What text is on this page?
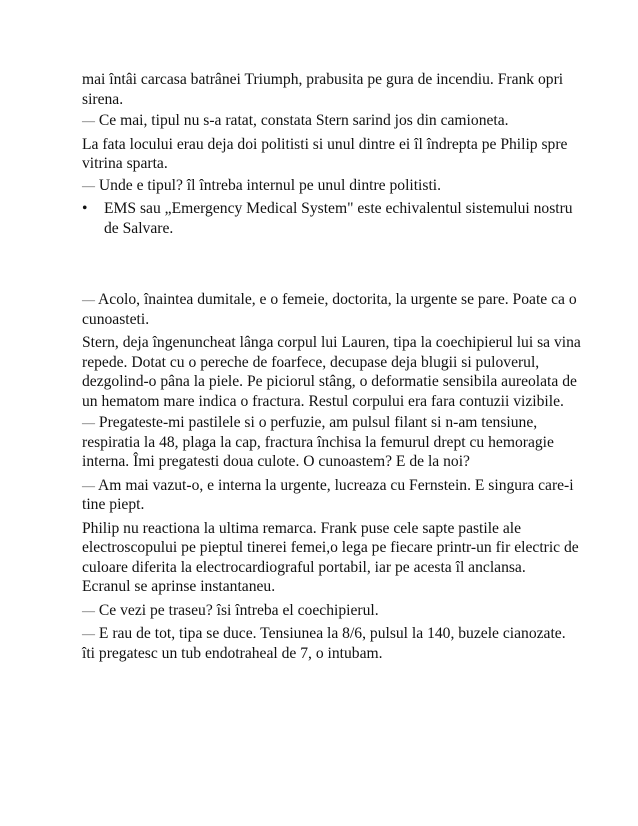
mai întâi carcasa batrânei Triumph, prabusita pe gura de incendiu. Frank opri sirena.

— Ce mai, tipul nu s-a ratat, constata Stern sarind jos din camioneta.

La fata locului erau deja doi politisti si unul dintre ei îl îndrepta pe Philip spre vitrina sparta.

— Unde e tipul? îl întreba internul pe unul dintre politisti.

• EMS sau „Emergency Medical System" este echivalentul sistemului nostru de Salvare.

— Acolo, înaintea dumitale, e o femeie, doctorita, la urgente se pare. Poate ca o cunoasteti.

Stern, deja îngenuncheat lânga corpul lui Lauren, tipa la coechipierul lui sa vina repede. Dotat cu o pereche de foarfece, decupase deja blugii si puloverul, dezgolind-o pâna la piele. Pe piciorul stâng, o deformatie sensibila aureolata de un hematom mare indica o fractura. Restul corpului era fara contuzii vizibile.

— Pregateste-mi pastilele si o perfuzie, am pulsul filant si n-am tensiune, respiratia la 48, plaga la cap, fractura închisa la femurul drept cu hemoragie interna. Îmi pregatesti doua culote. O cunoastem? E de la noi?

— Am mai vazut-o, e interna la urgente, lucreaza cu Fernstein. E singura care-i tine piept.

Philip nu reactiona la ultima remarca. Frank puse cele sapte pastile ale electroscopului pe pieptul tinerei femei,o lega pe fiecare printr-un fir electric de culoare diferita la electrocardiograful portabil, iar pe acesta îl anclansa.

Ecranul se aprinse instantaneu.

— Ce vezi pe traseu? îsi întreba el coechipierul.

— E rau de tot, tipa se duce. Tensiunea la 8/6, pulsul la 140, buzele cianozate. îti pregatesc un tub endotraheal de 7, o intubam.
